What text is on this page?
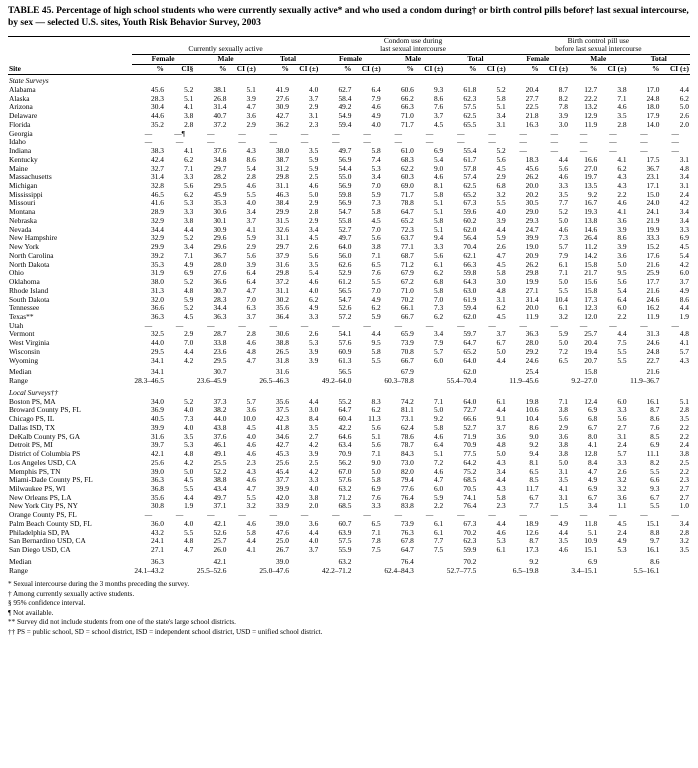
TABLE 45. Percentage of high school students who were currently sexually active* and who used a condom during† or birth control pills before† last sexual intercourse, by sex — selected U.S. sites, Youth Risk Behavior Survey, 2003
	Currently sexually active						Condom use during
last sexual intercourse						Birth control pill use
before last sexual intercourse					
	Female		Male		Total		Female		Male		Total		Female		Male		Total	
Site	%	CI§	%	CI (±)	%	CI (±)	%	CI (±)	%	CI (±)	%	CI (±)	%	CI (±)	%	CI (±)	%	CI (±)

State Surveys																		
Alabama	45.6	5.2	38.1	5.1	41.9	4.0	62.7	6.4	60.6	9.3	61.8	5.2	20.4	8.7	12.7	3.8	17.0	4.4
Alaska	28.3	5.1	26.8	3.9	27.6	3.7	58.4	7.9	66.2	8.6	62.3	5.8	27.7	8.2	22.2	7.1	24.8	6.2
Arizona	30.4	4.1	31.4	4.7	30.9	2.9	49.2	4.6	66.3	7.6	57.5	5.1	22.5	7.8	13.2	4.6	18.0	5.0
Delaware	44.6	3.8	40.7	3.6	42.7	3.1	54.9	4.9	71.0	3.7	62.5	3.4	21.8	3.9	12.9	3.5	17.9	2.6
Florida	35.2	2.8	37.2	2.9	36.2	2.3	59.4	4.0	71.7	4.5	65.5	3.1	16.3	3.0	11.9	2.8	14.0	2.0
Georgia	—	—¶	—	—	—	—	—	—	—	—	—	—	—	—	—	—	—	—
Idaho	—	—	—	—	—	—	—	—	—	—	—	—	—	—	—	—	—	—
Indiana	38.3	4.1	37.6	4.3	38.0	3.5	49.7	5.8	61.0	6.9	55.4	5.2	—	—	—	—	—	—
Kentucky	42.4	6.2	34.8	8.6	38.7	5.9	56.9	7.4	68.3	5.4	61.7	5.6	18.3	4.4	16.6	4.1	17.5	3.1
Maine	32.7	7.1	29.7	5.4	31.2	5.9	54.4	5.3	62.2	9.0	57.8	4.5	45.6	5.6	27.0	6.2	36.7	4.8
Massachusetts	31.4	3.3	28.2	2.8	29.8	2.5	55.0	3.4	60.3	4.6	57.4	2.9	26.2	4.6	19.7	4.3	23.1	3.4
Michigan	32.8	5.6	29.5	4.6	31.1	4.6	56.9	7.0	69.0	8.1	62.5	6.8	20.0	3.3	13.5	4.3	17.1	3.1
Mississippi	46.5	6.2	45.9	5.5	46.3	5.0	59.8	5.9	71.7	5.8	65.2	3.2	20.2	3.5	9.2	2.2	15.0	2.4
Missouri	41.6	5.3	35.3	4.0	38.4	2.9	56.9	7.3	78.8	5.1	67.3	5.5	30.5	7.7	16.7	4.6	24.0	4.2
Montana	28.9	3.3	30.6	3.4	29.9	2.8	54.7	5.8	64.7	5.1	59.6	4.0	29.0	5.2	19.3	4.1	24.1	3.4
Nebraska	32.9	3.8	30.1	3.7	31.5	2.9	55.8	4.5	65.2	5.8	60.2	3.9	29.3	5.0	13.8	3.6	21.9	3.4
Nevada	34.4	4.4	30.9	4.1	32.6	3.4	52.7	7.0	72.3	5.1	62.0	4.4	24.7	4.6	14.6	3.9	19.9	3.3
New Hampshire	32.9	5.2	29.6	5.9	31.1	4.5	49.7	5.6	63.7	9.4	56.4	5.9	39.9	7.3	26.4	8.6	33.3	6.9
New York	29.9	3.4	29.6	2.9	29.7	2.6	64.0	3.8	77.1	3.3	70.4	2.6	19.0	5.7	11.2	3.9	15.2	4.5
North Carolina	39.2	7.1	36.7	5.6	37.9	5.6	56.0	7.1	68.7	5.6	62.1	4.7	20.9	7.9	14.2	3.6	17.6	5.4
North Dakota	35.3	4.9	28.0	3.9	31.6	3.5	62.6	6.5	71.2	6.1	66.3	4.5	26.2	6.1	15.8	5.0	21.6	4.2
Ohio	31.9	6.9	27.6	6.4	29.8	5.4	52.9	7.6	67.9	6.2	59.8	5.8	29.8	7.1	21.7	9.5	25.9	6.0
Oklahoma	38.0	5.2	36.6	6.4	37.2	4.6	61.2	5.5	67.2	6.8	64.3	3.0	19.9	5.0	15.6	5.6	17.7	3.7
Rhode Island	31.3	4.8	30.7	4.7	31.1	4.0	56.5	7.0	71.0	5.8	63.0	4.8	27.1	5.5	15.8	5.4	21.6	4.9
South Dakota	32.0	5.9	28.3	7.0	30.2	6.2	54.7	4.9	70.2	7.0	61.9	3.1	31.4	10.4	17.3	6.4	24.6	8.6
Tennessee	36.6	5.2	34.4	6.3	35.6	4.9	52.6	6.2	66.1	7.3	59.4	6.2	20.0	6.1	12.3	6.0	16.2	4.4
Texas**	36.3	4.5	36.3	3.7	36.4	3.3	57.2	5.9	66.7	6.2	62.0	4.5	11.9	3.2	12.0	2.2	11.9	1.9
Utah	—	—	—	—	—	—	—	—	—	—	—	—	—	—	—	—	—	—
Vermont	32.5	2.9	28.7	2.8	30.6	2.6	54.1	4.4	65.9	3.4	59.7	3.7	36.3	5.9	25.7	4.4	31.3	4.8
West Virginia	44.0	7.0	33.8	4.6	38.8	5.3	57.6	9.5	73.9	7.9	64.7	6.7	28.0	5.0	20.4	7.5	24.6	4.1
Wisconsin	29.5	4.4	23.6	4.8	26.5	3.9	60.9	5.8	70.8	5.7	65.2	5.0	29.2	7.2	19.4	5.5	24.8	5.7
Wyoming	34.1	4.2	29.5	4.7	31.8	3.9	61.3	5.5	66.7	6.0	64.0	4.4	24.6	6.5	20.7	5.5	22.7	4.3

Median	34.1		30.7		31.6		56.5		67.9		62.0		25.4		15.8		21.6	
Range	28.3–46.5		23.6–45.9		26.5–46.3		49.2–64.0		60.3–78.8		55.4–70.4		11.9–45.6		9.2–27.0		11.9–36.7	

Local Surveys††																		
Boston PS, MA	34.0	5.2	37.3	5.7	35.6	4.4	55.2	8.3	74.2	7.1	64.0	6.1	19.8	7.1	12.4	6.0	16.1	5.1
Broward County PS, FL	36.9	4.0	38.2	3.6	37.5	3.0	64.7	6.2	81.1	5.0	72.7	4.4	10.6	3.8	6.9	3.3	8.7	2.8
Chicago PS, IL	40.5	7.3	44.0	10.0	42.3	8.4	60.4	11.3	73.1	9.2	66.6	9.1	10.4	5.6	6.8	5.6	8.6	3.5
Dallas ISD, TX	39.9	4.0	43.8	4.5	41.8	3.5	42.2	5.6	62.4	5.8	52.7	3.7	8.6	2.9	6.7	2.7	7.6	2.2
DeKalb County PS, GA	31.6	3.5	37.6	4.0	34.6	2.7	64.6	5.1	78.6	4.6	71.9	3.6	9.0	3.6	8.0	3.1	8.5	2.2
Detroit PS, MI	39.7	5.3	46.1	4.6	42.7	4.2	63.4	5.6	78.7	6.4	70.9	4.8	9.2	3.8	4.1	2.4	6.9	2.4
District of Columbia PS	42.1	4.8	49.1	4.6	45.3	3.9	70.9	7.1	84.3	5.1	77.5	5.0	9.4	3.8	12.8	5.7	11.1	3.8
Los Angeles USD, CA	25.6	4.2	25.5	2.3	25.6	2.5	56.2	9.0	73.0	7.2	64.2	4.3	8.1	5.0	8.4	3.3	8.2	2.5
Memphis PS, TN	39.0	5.0	52.2	4.3	45.4	4.2	67.0	5.0	82.0	4.6	75.2	3.4	6.5	3.1	4.7	2.6	5.5	2.2
Miami-Dade County PS, FL	36.3	4.5	38.8	4.6	37.7	3.3	57.6	5.8	79.4	4.7	68.5	4.4	8.5	3.5	4.9	3.2	6.6	2.3
Milwaukee PS, WI	36.8	5.5	43.4	4.7	39.9	4.0	63.2	6.9	77.6	6.0	70.5	4.3	11.7	4.1	6.9	3.2	9.3	2.7
New Orleans PS, LA	35.6	4.4	49.7	5.5	42.0	3.8	71.2	7.6	76.4	5.9	74.1	5.8	6.7	3.1	6.7	3.6	6.7	2.7
New York City PS, NY	30.8	1.9	37.1	3.2	33.9	2.0	68.5	3.3	83.8	2.2	76.4	2.3	7.7	1.5	3.4	1.1	5.5	1.0
Orange County PS, FL	—	—	—	—	—	—	—	—	—	—	—	—	—	—	—	—	—	—
Palm Beach County SD, FL	36.0	4.0	42.1	4.6	39.0	3.6	60.7	6.5	73.9	6.1	67.3	4.4	18.9	4.9	11.8	4.5	15.1	3.4
Philadelphia SD, PA	43.2	5.5	52.6	5.8	47.6	4.4	63.9	7.1	76.3	6.1	70.2	4.6	12.6	4.4	5.1	2.4	8.8	2.8
San Bernardino USD, CA	24.1	4.8	25.7	4.4	25.0	4.0	57.5	7.8	67.8	7.7	62.3	5.3	8.7	3.5	10.9	4.9	9.7	3.2
San Diego USD, CA	27.1	4.7	26.0	4.1	26.7	3.7	55.9	7.5	64.7	7.5	59.9	6.1	17.3	4.6	15.1	5.3	16.1	3.5

Median	36.3		42.1		39.0		63.2		76.4		70.2		9.2		6.9		8.6	
Range	24.1–43.2		25.5–52.6		25.0–47.6		42.2–71.2		62.4–84.3		52.7–77.5		6.5–19.8		3.4–15.1		5.5–16.1	
* Sexual intercourse during the 3 months preceding the survey.
† Among currently sexually active students.
§ 95% confidence interval.
¶ Not available.
** Survey did not include students from one of the state's large school districts.
†† PS = public school, SD = school district, ISD = independent school district, USD = unified school district.
